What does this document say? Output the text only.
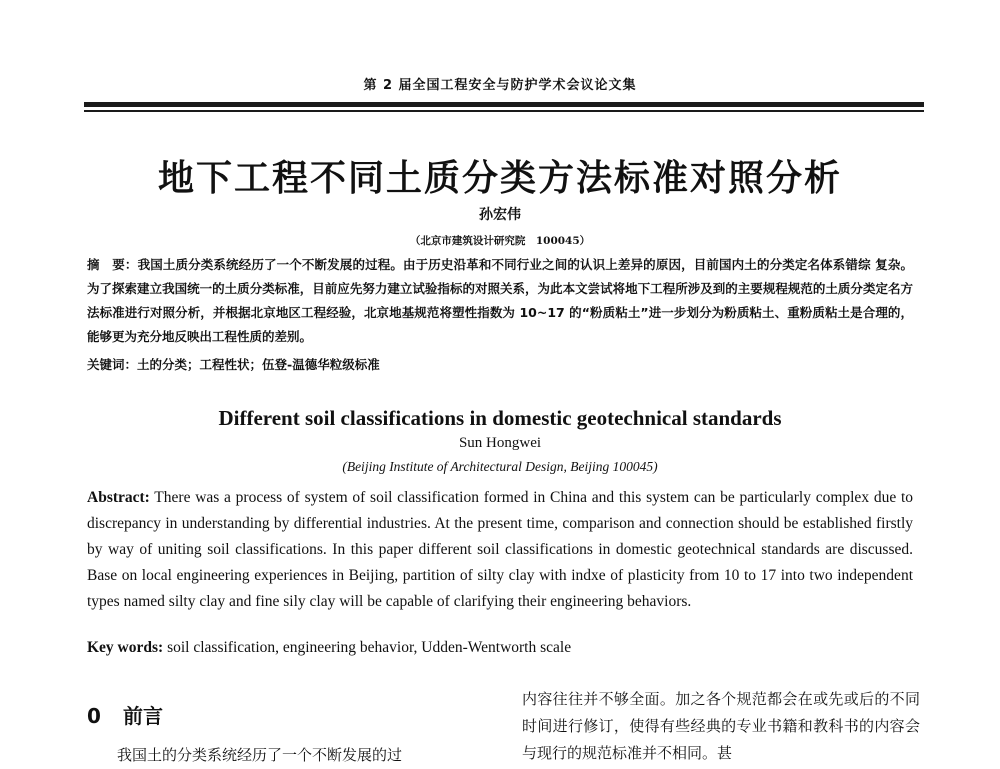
第 2 届全国工程安全与防护学术会议论文集
地下工程不同土质分类方法标准对照分析
孙宏伟
（北京市建筑设计研究院　100045）
摘　要：我国土质分类系统经历了一个不断发展的过程。由于历史沿革和不同行业之间的认识上差异的原因，目前国内土的分类定名体系错综 复杂。为了探索建立我国统一的土质分类标准，目前应先努力建立试验指标的对照关系，为此本文尝试将地下工程所涉及到的主要规程规范的土质分类定名方法标准进行对照分析，并根据北京地区工程经验，北京地基规范将塑性指数为 10~17 的“粉质粘土”进一步划分为粉质粘土、重粉质粘土是合理的，能够更为充分地反映出工程性质的差别。
关键词：土的分类；工程性状；伍登-温德华粒级标准
Different soil classifications in domestic geotechnical standards
Sun Hongwei
(Beijing Institute of Architectural Design, Beijing 100045)
Abstract: There was a process of system of soil classification formed in China and this system can be particularly complex due to discrepancy in understanding by differential industries. At the present time, comparison and connection should be established firstly by way of uniting soil classifications. In this paper different soil classifications in domestic geotechnical standards are discussed. Base on local engineering experiences in Beijing, partition of silty clay with indxe of plasticity from 10 to 17 into two independent types named silty clay and fine sily clay will be capable of clarifying their engineering behaviors.
Key words: soil classification, engineering behavior, Udden-Wentworth scale
0 前言
我国土的分类系统经历了一个不断发展的过
内容往往并不够全面。加之各个规范都会在或先或后的不同时间进行修订，使得有些经典的专业书籍和教科书的内容会与现行的规范标准并不相同。甚
